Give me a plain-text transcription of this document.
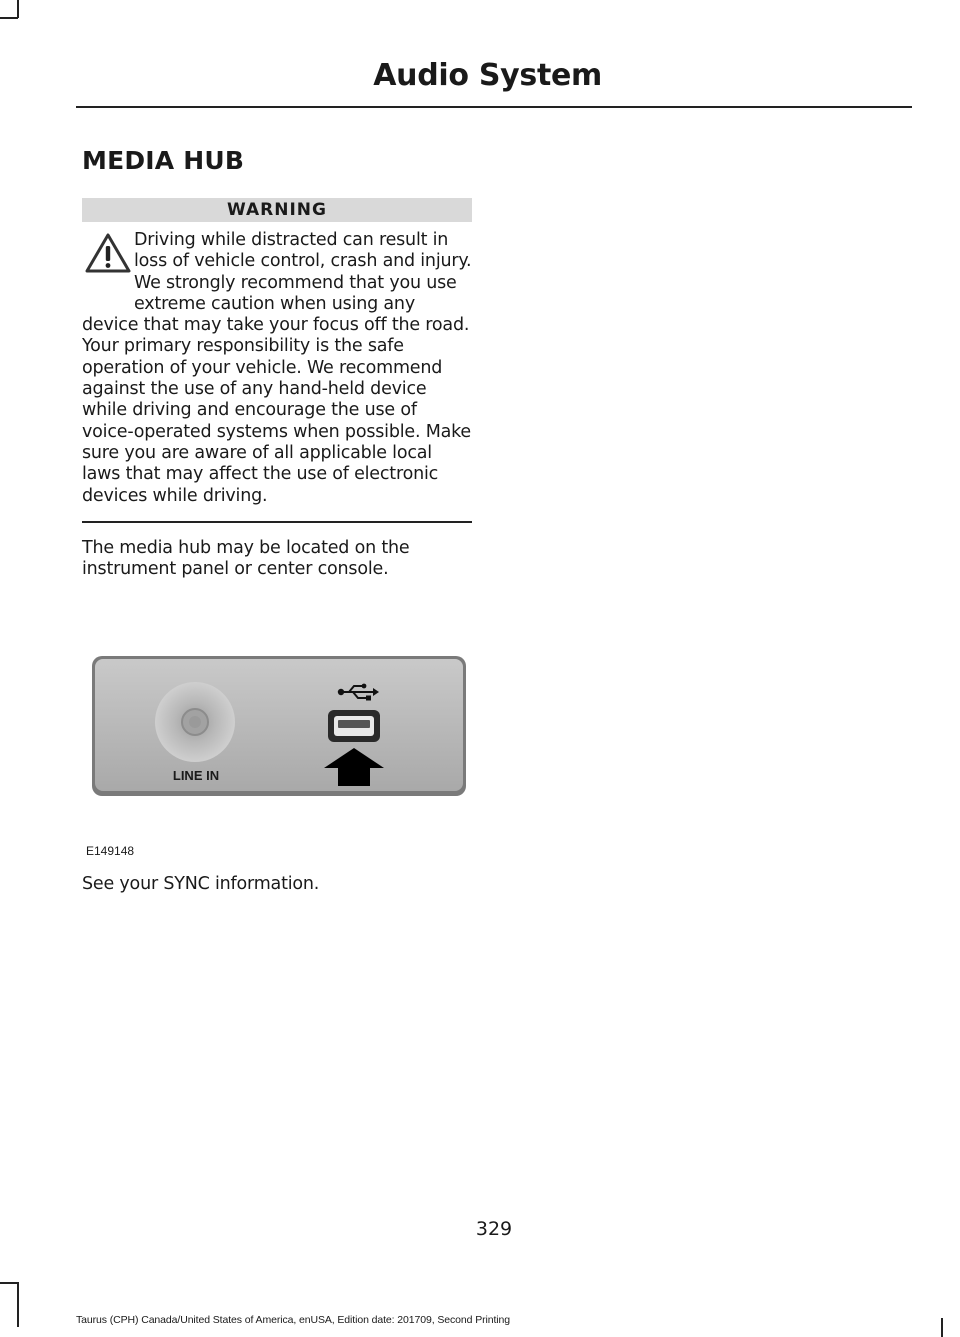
Audio System
MEDIA HUB
WARNING
Driving while distracted can result in loss of vehicle control, crash and injury. We strongly recommend that you use extreme caution when using any device that may take your focus off the road. Your primary responsibility is the safe operation of your vehicle. We recommend against the use of any hand-held device while driving and encourage the use of voice-operated systems when possible. Make sure you are aware of all applicable local laws that may affect the use of electronic devices while driving.
The media hub may be located on the instrument panel or center console.
LINE IN
E149148
See your SYNC information.
329
Taurus (CPH) Canada/United States of America, enUSA, Edition date: 201709, Second Printing
